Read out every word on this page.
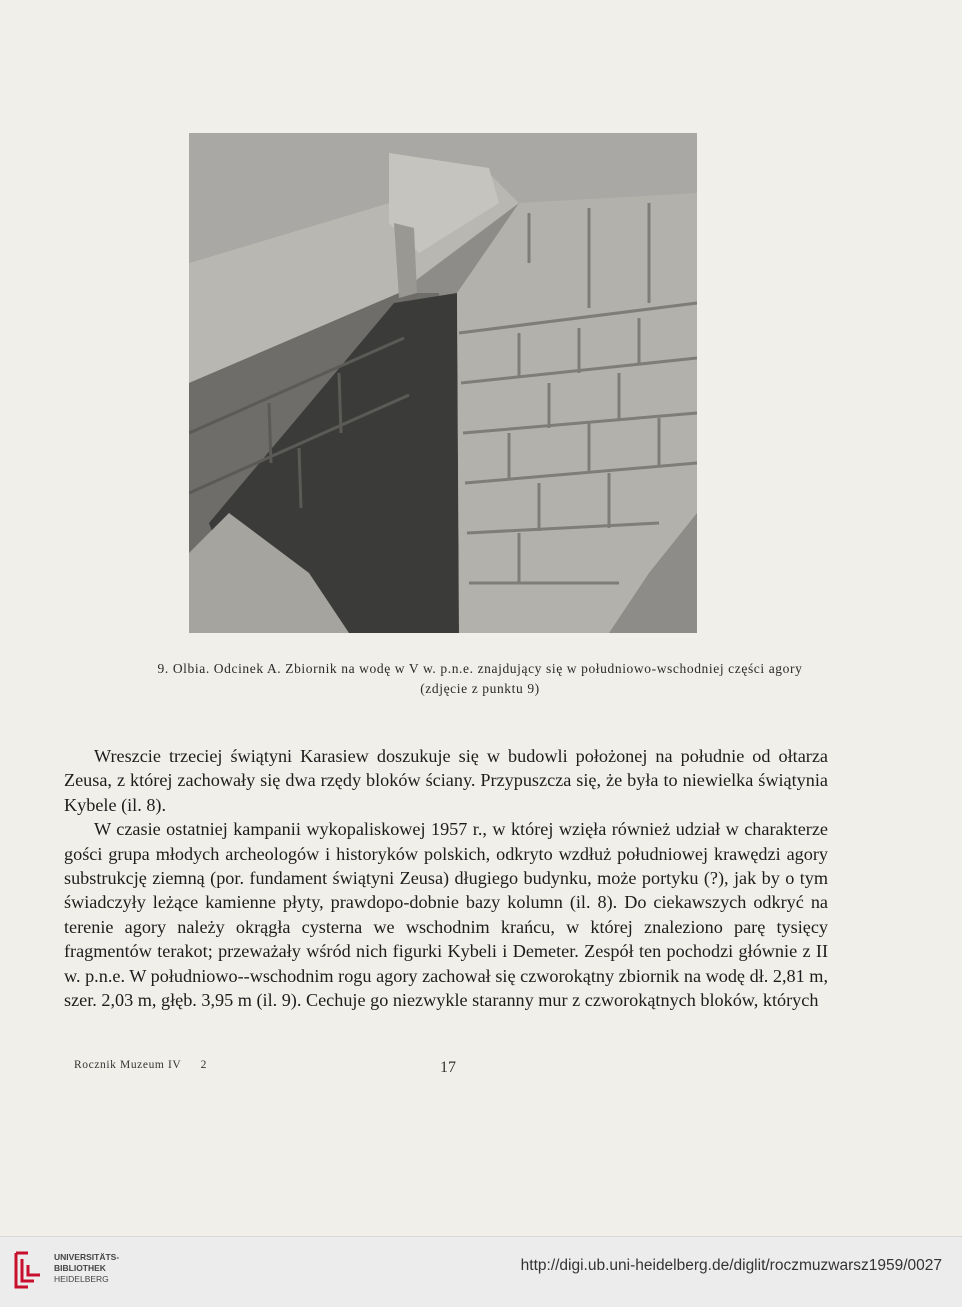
9. Olbia. Odcinek A. Zbiornik na wodę w V w. p.n.e. znajdujący się w południowo-wschodniej części agory
(zdjęcie z punktu 9)

Wreszcie trzeciej świątyni Karasiew doszukuje się w budowli położonej na południe od ołtarza Zeusa, z której zachowały się dwa rzędy bloków ściany. Przypuszcza się, że była to niewielka świątynia Kybele (il. 8).

W czasie ostatniej kampanii wykopaliskowej 1957 r., w której wzięła również udział w charakterze gości grupa młodych archeologów i historyków polskich, odkryto wzdłuż południowej krawędzi agory substrukcję ziemną (por. fundament świątyni Zeusa) długiego budynku, może portyku (?), jak by o tym świadczyły leżące kamienne płyty, prawdopo-dobnie bazy kolumn (il. 8). Do ciekawszych odkryć na terenie agory należy okrągła cysterna we wschodnim krańcu, w której znaleziono parę tysięcy fragmentów terakot; przeważały wśród nich figurki Kybeli i Demeter. Zespół ten pochodzi głównie z II w. p.n.e. W południowo--wschodnim rogu agory zachował się czworokątny zbiornik na wodę dł. 2,81 m, szer. 2,03 m, głęb. 3,95 m (il. 9). Cechuje go niezwykle staranny mur z czworokątnych bloków, których

Rocznik Muzeum IV 2	17
UNIVERSITÄTS-
BIBLIOTHEK
HEIDELBERG
http://digi.ub.uni-heidelberg.de/diglit/roczmuzwarsz1959/0027
